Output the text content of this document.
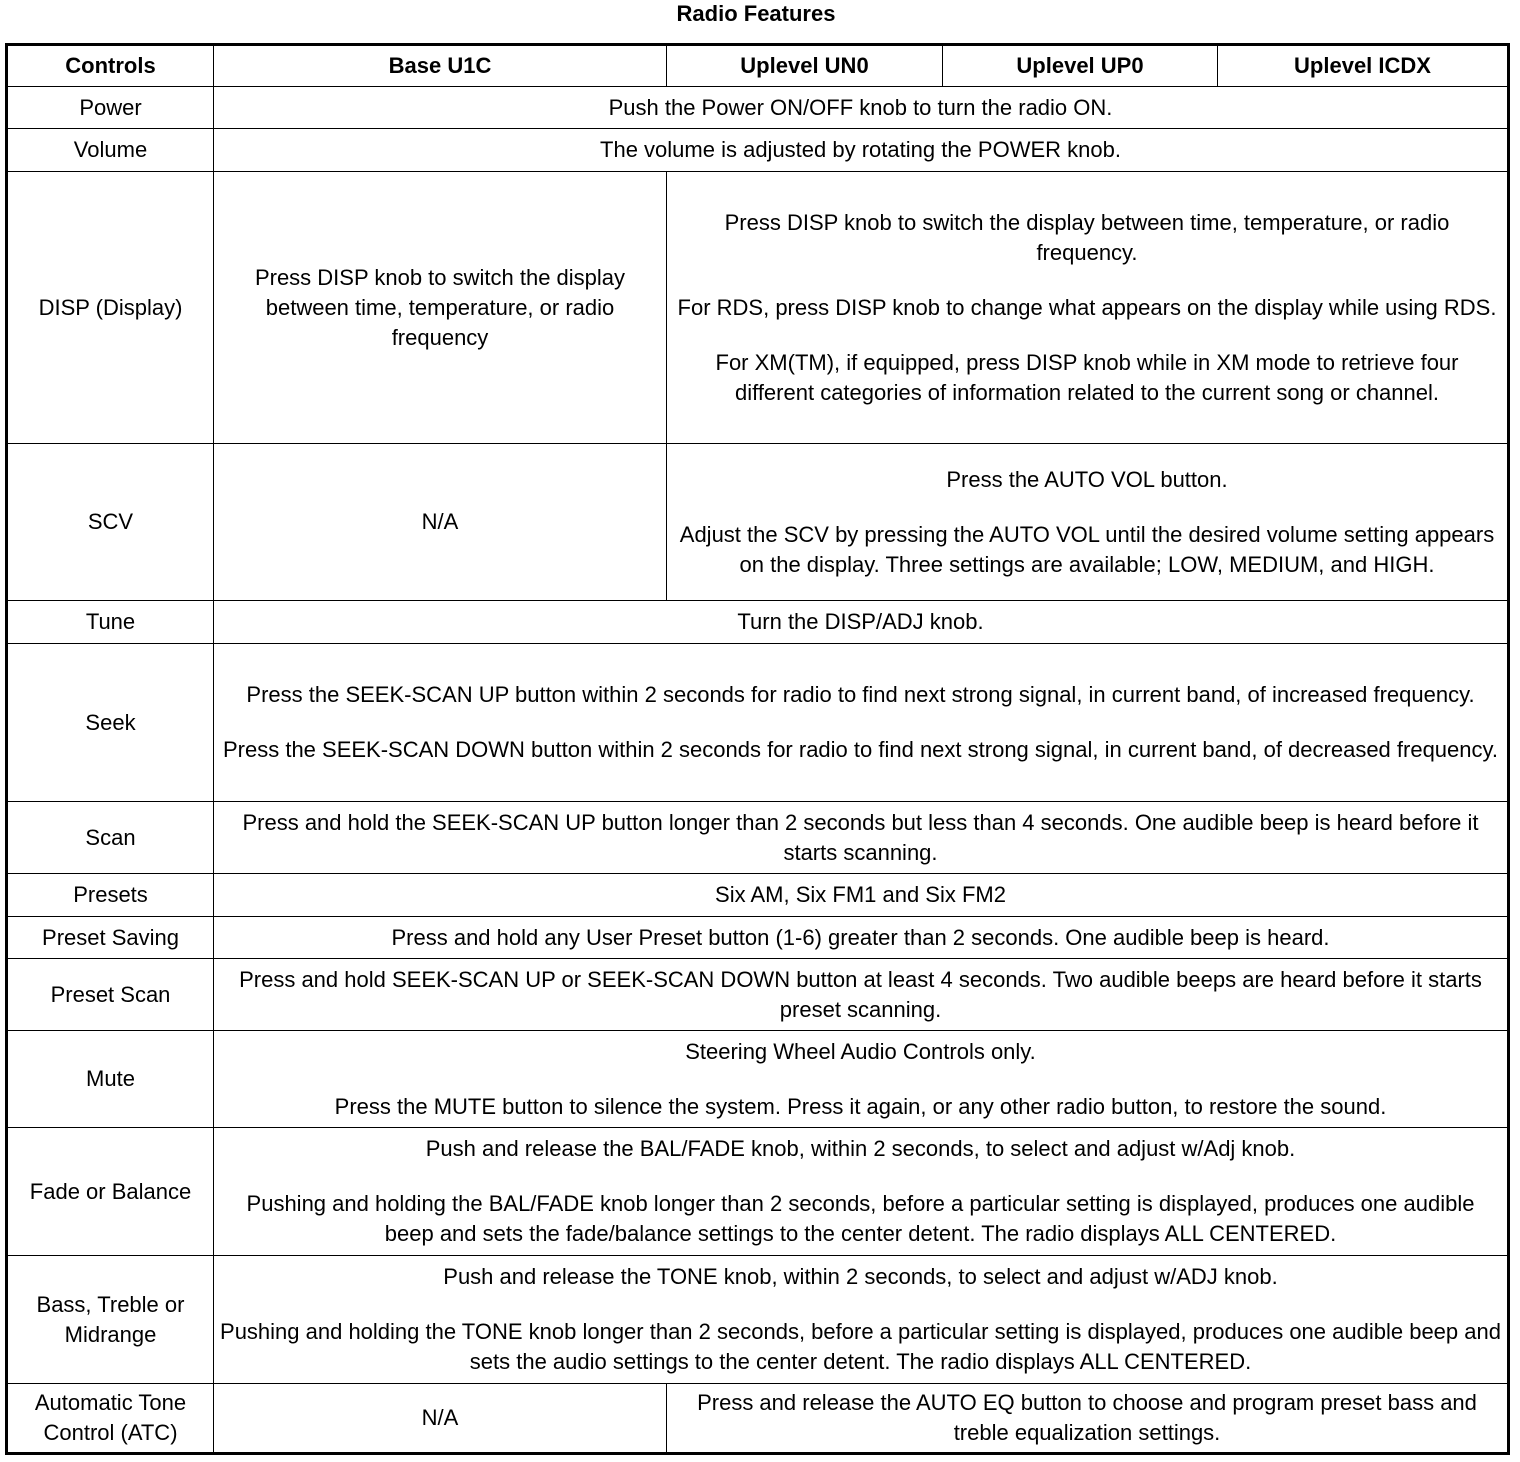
Radio Features
Controls	Base U1C	Uplevel UN0	Uplevel UP0	Uplevel ICDX
Power	Push the Power ON/OFF knob to turn the radio ON.			
Volume	The volume is adjusted by rotating the POWER knob.			
DISP (Display)	Press DISP knob to switch the display between time, temperature, or radio frequency	Press DISP knob to switch the display between time, temperature, or radio frequency.

For RDS, press DISP knob to change what appears on the display while using RDS.

For XM(TM), if equipped, press DISP knob while in XM mode to retrieve four different categories of information related to the current song or channel.		

SCV	N/A	Press the AUTO VOL button.

Adjust the SCV by pressing the AUTO VOL until the desired volume setting appears on the display. Three settings are available; LOW, MEDIUM, and HIGH.		

Tune	Turn the DISP/ADJ knob.			
Seek	Press the SEEK-SCAN UP button within 2 seconds for radio to find next strong signal, in current band, of increased frequency.

Press the SEEK-SCAN DOWN button within 2 seconds for radio to find next strong signal, in current band, of decreased frequency.			

Scan	Press and hold the SEEK-SCAN UP button longer than 2 seconds but less than 4 seconds. One audible beep is heard before it starts scanning.			
Presets	Six AM, Six FM1 and Six FM2			
Preset Saving	Press and hold any User Preset button (1-6) greater than 2 seconds. One audible beep is heard.			
Preset Scan	Press and hold SEEK-SCAN UP or SEEK-SCAN DOWN button at least 4 seconds. Two audible beeps are heard before it starts preset scanning.			
Mute	Steering Wheel Audio Controls only.

Press the MUTE button to silence the system. Press it again, or any other radio button, to restore the sound.			

Fade or Balance	Push and release the BAL/FADE knob, within 2 seconds, to select and adjust w/Adj knob.

Pushing and holding the BAL/FADE knob longer than 2 seconds, before a particular setting is displayed, produces one audible beep and sets the fade/balance settings to the center detent. The radio displays ALL CENTERED.			

Bass, Treble or Midrange	Push and release the TONE knob, within 2 seconds, to select and adjust w/ADJ knob.

Pushing and holding the TONE knob longer than 2 seconds, before a particular setting is displayed, produces one audible beep and sets the audio settings to the center detent. The radio displays ALL CENTERED.			

Automatic Tone Control (ATC)	N/A	Press and release the AUTO EQ button to choose and program preset bass and treble equalization settings.		
